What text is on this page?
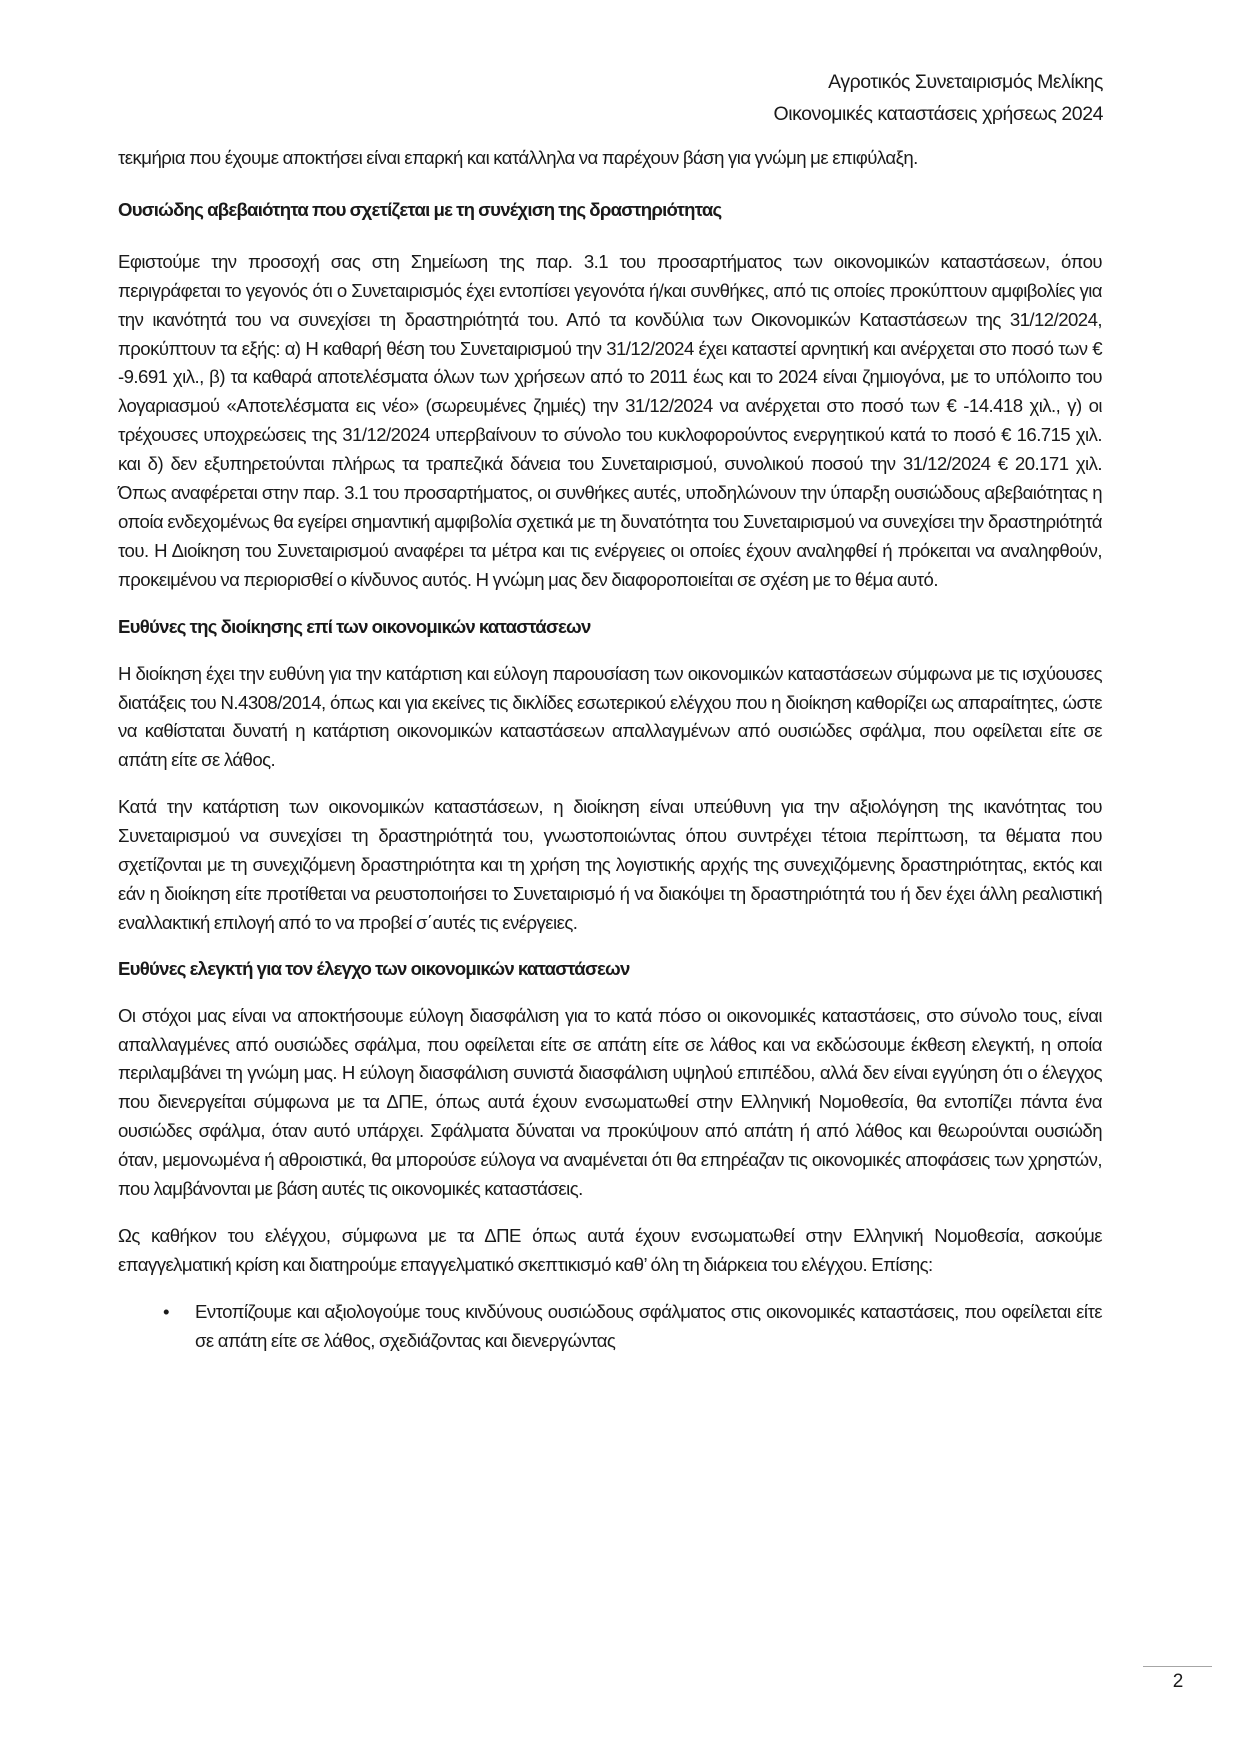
Αγροτικός Συνεταιρισμός Μελίκης
Οικονομικές καταστάσεις χρήσεως 2024

τεκμήρια που έχουμε αποκτήσει είναι επαρκή και κατάλληλα να παρέχουν βάση για γνώμη με επιφύλαξη.

Ουσιώδης αβεβαιότητα που σχετίζεται με τη συνέχιση της δραστηριότητας

Εφιστούμε την προσοχή σας στη Σημείωση της παρ. 3.1 του προσαρτήματος των οικονομικών καταστάσεων, όπου περιγράφεται το γεγονός ότι ο Συνεταιρισμός έχει εντοπίσει γεγονότα ή/και συνθήκες, από τις οποίες προκύπτουν αμφιβολίες για την ικανότητά του να συνεχίσει τη δραστηριότητά του. Από τα κονδύλια των Οικονομικών Καταστάσεων της 31/12/2024, προκύπτουν τα εξής: α) Η καθαρή θέση του Συνεταιρισμού την 31/12/2024 έχει καταστεί αρνητική και ανέρχεται στο ποσό των € -9.691 χιλ., β) τα καθαρά αποτελέσματα όλων των χρήσεων από το 2011 έως και το 2024 είναι ζημιογόνα, με το υπόλοιπο του λογαριασμού «Αποτελέσματα εις νέο» (σωρευμένες ζημιές) την 31/12/2024 να ανέρχεται στο ποσό των € -14.418 χιλ., γ) οι τρέχουσες υποχρεώσεις της 31/12/2024 υπερβαίνουν το σύνολο του κυκλοφορούντος ενεργητικού κατά το ποσό € 16.715 χιλ. και δ) δεν εξυπηρετούνται πλήρως τα τραπεζικά δάνεια του Συνεταιρισμού, συνολικού ποσού την 31/12/2024 € 20.171 χιλ. Όπως αναφέρεται στην παρ. 3.1 του προσαρτήματος, οι συνθήκες αυτές, υποδηλώνουν την ύπαρξη ουσιώδους αβεβαιότητας η οποία ενδεχομένως θα εγείρει σημαντική αμφιβολία σχετικά με τη δυνατότητα του Συνεταιρισμού να συνεχίσει την δραστηριότητά του. Η Διοίκηση του Συνεταιρισμού αναφέρει τα μέτρα και τις ενέργειες οι οποίες έχουν αναληφθεί ή πρόκειται να αναληφθούν, προκειμένου να περιορισθεί ο κίνδυνος αυτός. Η γνώμη μας δεν διαφοροποιείται σε σχέση με το θέμα αυτό.

Ευθύνες της διοίκησης επί των οικονομικών καταστάσεων

Η διοίκηση έχει την ευθύνη για την κατάρτιση και εύλογη παρουσίαση των οικονομικών καταστάσεων σύμφωνα με τις ισχύουσες διατάξεις του Ν.4308/2014, όπως και για εκείνες τις δικλίδες εσωτερικού ελέγχου που η διοίκηση καθορίζει ως απαραίτητες, ώστε να καθίσταται δυνατή η κατάρτιση οικονομικών καταστάσεων απαλλαγμένων από ουσιώδες σφάλμα, που οφείλεται είτε σε απάτη είτε σε λάθος.

Κατά την κατάρτιση των οικονομικών καταστάσεων, η διοίκηση είναι υπεύθυνη για την αξιολόγηση της ικανότητας του Συνεταιρισμού να συνεχίσει τη δραστηριότητά του, γνωστοποιώντας όπου συντρέχει τέτοια περίπτωση, τα θέματα που σχετίζονται με τη συνεχιζόμενη δραστηριότητα και τη χρήση της λογιστικής αρχής της συνεχιζόμενης δραστηριότητας, εκτός και εάν η διοίκηση είτε προτίθεται να ρευστοποιήσει το Συνεταιρισμό ή να διακόψει τη δραστηριότητά του ή δεν έχει άλλη ρεαλιστική εναλλακτική επιλογή από το να προβεί σ΄αυτές τις ενέργειες.

Ευθύνες ελεγκτή για τον έλεγχο των οικονομικών καταστάσεων

Οι στόχοι μας είναι να αποκτήσουμε εύλογη διασφάλιση για το κατά πόσο οι οικονομικές καταστάσεις, στο σύνολο τους, είναι απαλλαγμένες από ουσιώδες σφάλμα, που οφείλεται είτε σε απάτη είτε σε λάθος και να εκδώσουμε έκθεση ελεγκτή, η οποία περιλαμβάνει τη γνώμη μας. Η εύλογη διασφάλιση συνιστά διασφάλιση υψηλού επιπέδου, αλλά δεν είναι εγγύηση ότι ο έλεγχος που διενεργείται σύμφωνα με τα ΔΠΕ, όπως αυτά έχουν ενσωματωθεί στην Ελληνική Νομοθεσία, θα εντοπίζει πάντα ένα ουσιώδες σφάλμα, όταν αυτό υπάρχει. Σφάλματα δύναται να προκύψουν από απάτη ή από λάθος και θεωρούνται ουσιώδη όταν, μεμονωμένα ή αθροιστικά, θα μπορούσε εύλογα να αναμένεται ότι θα επηρέαζαν τις οικονομικές αποφάσεις των χρηστών, που λαμβάνονται με βάση αυτές τις οικονομικές καταστάσεις.

Ως καθήκον του ελέγχου, σύμφωνα με τα ΔΠΕ όπως αυτά έχουν ενσωματωθεί στην Ελληνική Νομοθεσία, ασκούμε επαγγελματική κρίση και διατηρούμε επαγγελματικό σκεπτικισμό καθ’ όλη τη διάρκεια του ελέγχου. Επίσης:

• Εντοπίζουμε και αξιολογούμε τους κινδύνους ουσιώδους σφάλματος στις οικονομικές καταστάσεις, που οφείλεται είτε σε απάτη είτε σε λάθος, σχεδιάζοντας και διενεργώντας
2
